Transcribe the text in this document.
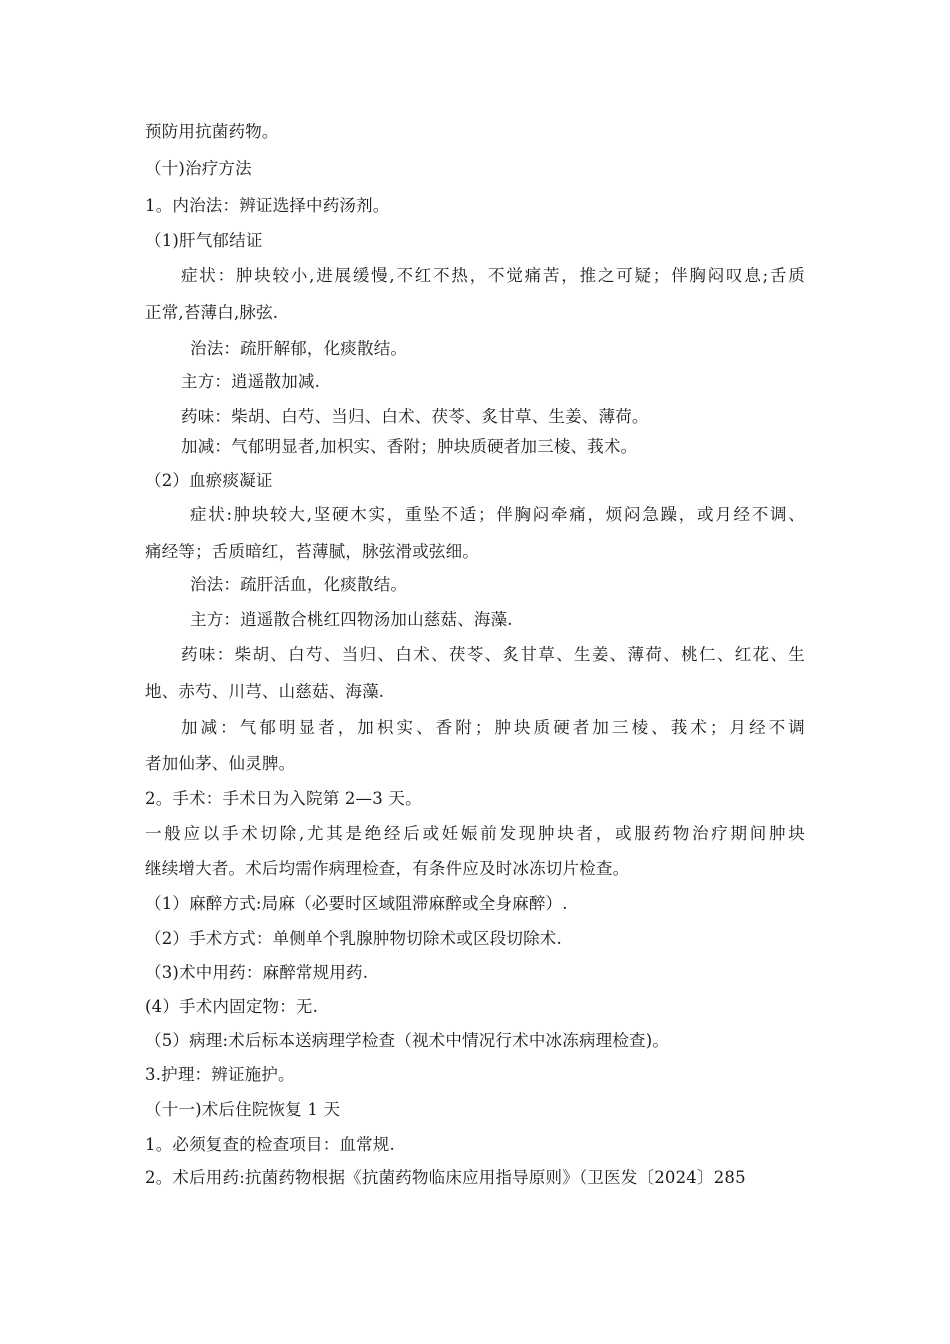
预防用抗菌药物。
（十)治疗方法
1。内治法：辨证选择中药汤剂。
（1)肝气郁结证
症状：肿块较小,进展缓慢,不红不热，不觉痛苦，推之可疑；伴胸闷叹息;舌质
正常,苔薄白,脉弦.
治法：疏肝解郁，化痰散结。
主方：逍遥散加减.
药味：柴胡、白芍、当归、白术、茯苓、炙甘草、生姜、薄荷。
加减：气郁明显者,加枳实、香附；肿块质硬者加三棱、莪术。
（2）血瘀痰凝证
症状:肿块较大,坚硬木实，重坠不适；伴胸闷牵痛，烦闷急躁，或月经不调、
痛经等；舌质暗红，苔薄腻，脉弦滑或弦细。
治法：疏肝活血，化痰散结。
主方：逍遥散合桃红四物汤加山慈菇、海藻.
药味：柴胡、白芍、当归、白术、茯苓、炙甘草、生姜、薄荷、桃仁、红花、生
地、赤芍、川芎、山慈菇、海藻.
加减：气郁明显者，加枳实、香附；肿块质硬者加三棱、莪术；月经不调
者加仙茅、仙灵脾。
2。手术：手术日为入院第 2—3 天。
一般应以手术切除,尤其是绝经后或妊娠前发现肿块者，或服药物治疗期间肿块
继续增大者。术后均需作病理检查，有条件应及时冰冻切片检查。
（1）麻醉方式:局麻（必要时区域阻滞麻醉或全身麻醉）.
（2）手术方式：单侧单个乳腺肿物切除术或区段切除术.
（3)术中用药：麻醉常规用药.
(4）手术内固定物：无.
（5）病理:术后标本送病理学检查（视术中情况行术中冰冻病理检查)。
3.护理：辨证施护。
（十一)术后住院恢复 1 天
1。必须复查的检查项目：血常规.
2。术后用药:抗菌药物根据《抗菌药物临床应用指导原则》（卫医发〔2024〕285
